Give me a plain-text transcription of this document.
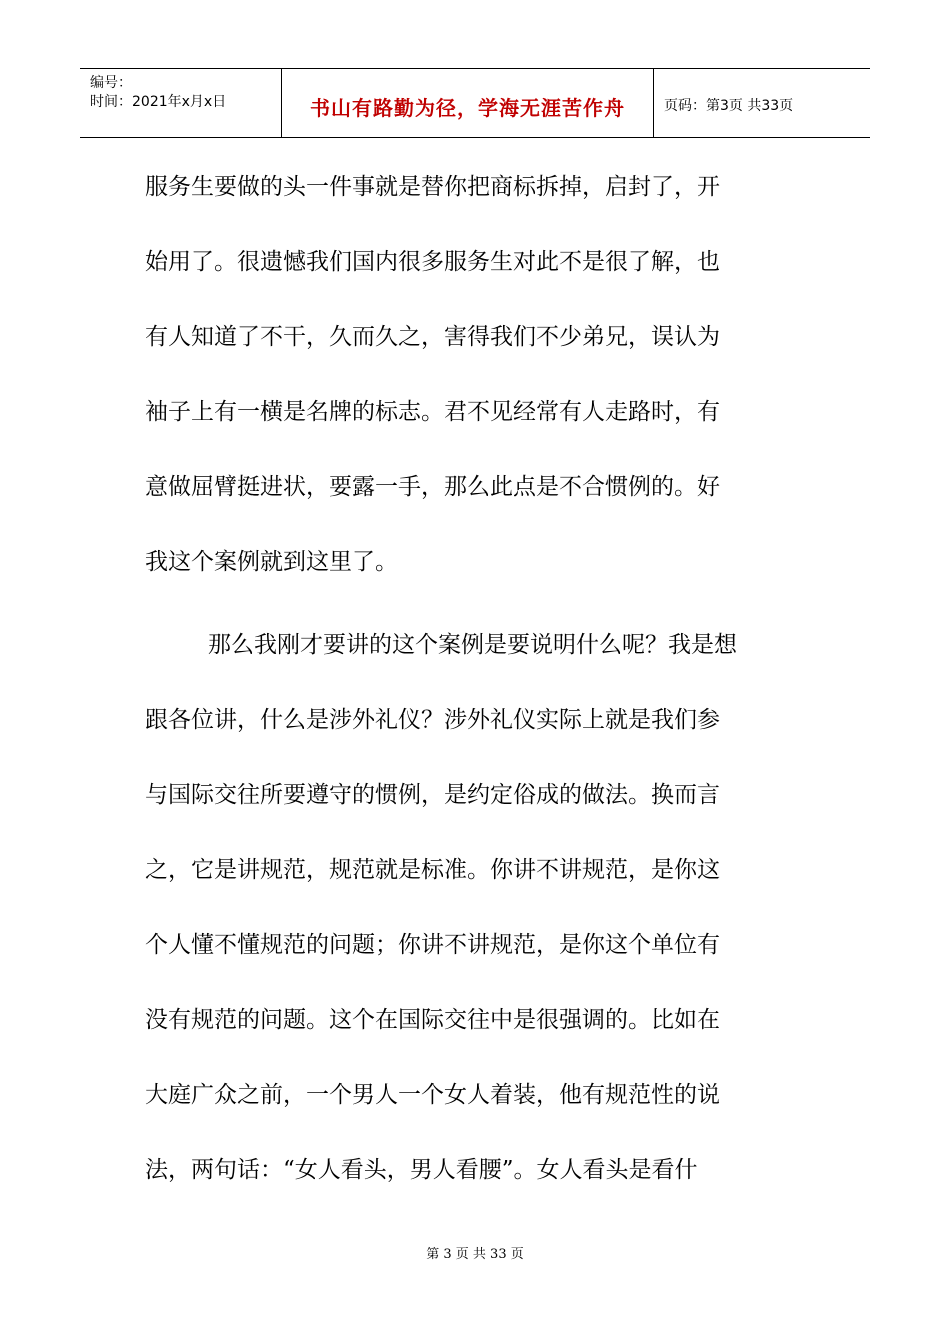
编号：
时间：2021年x月x日	书山有路勤为径，学海无涯苦作舟	页码：第3页 共33页

服务生要做的头一件事就是替你把商标拆掉，启封了，开

始用了。很遗憾我们国内很多服务生对此不是很了解，也

有人知道了不干，久而久之，害得我们不少弟兄，误认为

袖子上有一横是名牌的标志。君不见经常有人走路时，有

意做屈臂挺进状，要露一手，那么此点是不合惯例的。好

我这个案例就到这里了。

那么我刚才要讲的这个案例是要说明什么呢？我是想

跟各位讲，什么是涉外礼仪？涉外礼仪实际上就是我们参

与国际交往所要遵守的惯例，是约定俗成的做法。换而言

之，它是讲规范，规范就是标准。你讲不讲规范，是你这

个人懂不懂规范的问题；你讲不讲规范，是你这个单位有

没有规范的问题。这个在国际交往中是很强调的。比如在

大庭广众之前，一个男人一个女人着装，他有规范性的说

法，两句话：“女人看头，男人看腰”。女人看头是看什

第 3 页 共 33 页
